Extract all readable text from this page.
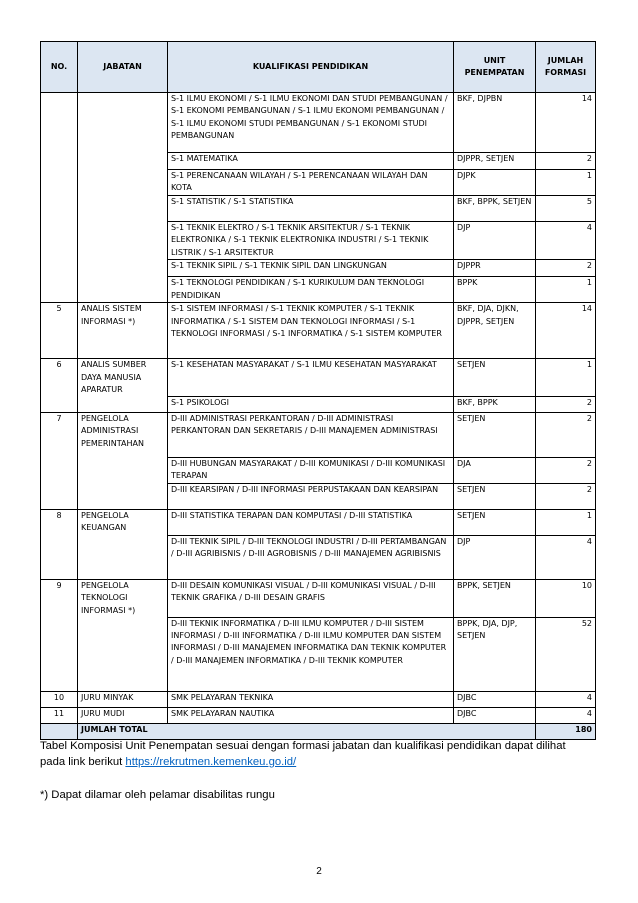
NO.	JABATAN	KUALIFIKASI PENDIDIKAN	UNIT PENEMPATAN	JUMLAH FORMASI
		S-1 ILMU EKONOMI / S-1 ILMU EKONOMI DAN STUDI PEMBANGUNAN / S-1 EKONOMI PEMBANGUNAN / S-1 ILMU EKONOMI PEMBANGUNAN / S-1 ILMU EKONOMI STUDI PEMBANGUNAN / S-1 EKONOMI STUDI PEMBANGUNAN	BKF, DJPBN	14
		S-1 MATEMATIKA	DJPPR, SETJEN	2
		S-1 PERENCANAAN WILAYAH / S-1 PERENCANAAN WILAYAH DAN KOTA	DJPK	1
		S-1 STATISTIK / S-1 STATISTIKA	BKF, BPPK, SETJEN	5
		S-1 TEKNIK ELEKTRO / S-1 TEKNIK ARSITEKTUR / S-1 TEKNIK ELEKTRONIKA / S-1 TEKNIK ELEKTRONIKA INDUSTRI / S-1 TEKNIK LISTRIK / S-1 ARSITEKTUR	DJP	4
		S-1 TEKNIK SIPIL / S-1 TEKNIK SIPIL DAN LINGKUNGAN	DJPPR	2
		S-1 TEKNOLOGI PENDIDIKAN / S-1 KURIKULUM DAN TEKNOLOGI PENDIDIKAN	BPPK	1
5	ANALIS SISTEM INFORMASI *)	S-1 SISTEM INFORMASI / S-1 TEKNIK KOMPUTER / S-1 TEKNIK INFORMATIKA / S-1 SISTEM DAN TEKNOLOGI INFORMASI / S-1 TEKNOLOGI INFORMASI / S-1 INFORMATIKA / S-1 SISTEM KOMPUTER	BKF, DJA, DJKN, DJPPR, SETJEN	14
6	ANALIS SUMBER DAYA MANUSIA APARATUR	S-1 KESEHATAN MASYARAKAT / S-1 ILMU KESEHATAN MASYARAKAT	SETJEN	1
		S-1 PSIKOLOGI	BKF, BPPK	2
7	PENGELOLA ADMINISTRASI PEMERINTAHAN	D-III ADMINISTRASI PERKANTORAN / D-III ADMINISTRASI PERKANTORAN DAN SEKRETARIS / D-III MANAJEMEN ADMINISTRASI	SETJEN	2
		D-III HUBUNGAN MASYARAKAT / D-III KOMUNIKASI / D-III KOMUNIKASI TERAPAN	DJA	2
		D-III KEARSIPAN / D-III INFORMASI PERPUSTAKAAN DAN KEARSIPAN	SETJEN	2
8	PENGELOLA KEUANGAN	D-III STATISTIKA TERAPAN DAN KOMPUTASI / D-III STATISTIKA	SETJEN	1
		D-III TEKNIK SIPIL / D-III TEKNOLOGI INDUSTRI / D-III PERTAMBANGAN / D-III AGRIBISNIS / D-III AGROBISNIS / D-III MANAJEMEN AGRIBISNIS	DJP	4
9	PENGELOLA TEKNOLOGI INFORMASI *)	D-III DESAIN KOMUNIKASI VISUAL / D-III KOMUNIKASI VISUAL / D-III TEKNIK GRAFIKA / D-III DESAIN GRAFIS	BPPK, SETJEN	10
		D-III TEKNIK INFORMATIKA / D-III ILMU KOMPUTER / D-III SISTEM INFORMASI / D-III INFORMATIKA / D-III ILMU KOMPUTER DAN SISTEM INFORMASI / D-III MANAJEMEN INFORMATIKA DAN TEKNIK KOMPUTER / D-III MANAJEMEN INFORMATIKA / D-III TEKNIK KOMPUTER	BPPK, DJA, DJP, SETJEN	52
10	JURU MINYAK	SMK PELAYARAN TEKNIKA	DJBC	4
11	JURU MUDI	SMK PELAYARAN NAUTIKA	DJBC	4
	JUMLAH TOTAL			180
Tabel Komposisi Unit Penempatan sesuai dengan formasi jabatan dan kualifikasi pendidikan dapat dilihat
pada link berikut https://rekrutmen.kemenkeu.go.id/
*) Dapat dilamar oleh pelamar disabilitas rungu
2
